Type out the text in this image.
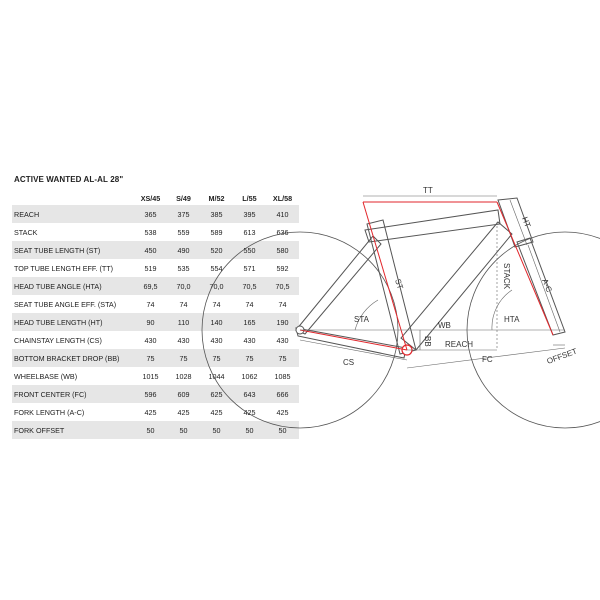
ACTIVE WANTED AL-AL 28"
	XS/45	S/49	M/52	L/55	XL/58
REACH	365	375	385	395	410
STACK	538	559	589	613	636
SEAT TUBE LENGTH (ST)	450	490	520	550	580
TOP TUBE LENGTH EFF. (TT)	519	535	554	571	592
HEAD TUBE ANGLE (HTA)	69,5	70,0	70,0	70,5	70,5
SEAT TUBE ANGLE EFF. (STA)	74	74	74	74	74
HEAD TUBE LENGTH (HT)	90	110	140	165	190
CHAINSTAY LENGTH (CS)	430	430	430	430	430
BOTTOM BRACKET DROP (BB)	75	75	75	75	75
WHEELBASE (WB)	1015	1028	1044	1062	1085
FRONT CENTER (FC)	596	609	625	643	666
FORK LENGTH (A-C)	425	425	425	425	425
FORK OFFSET	50	50	50	50	50
TT
HT
ST	STACK	A-C
STA
WB
HTA
BB REACH
CS	FC	OFFSET
